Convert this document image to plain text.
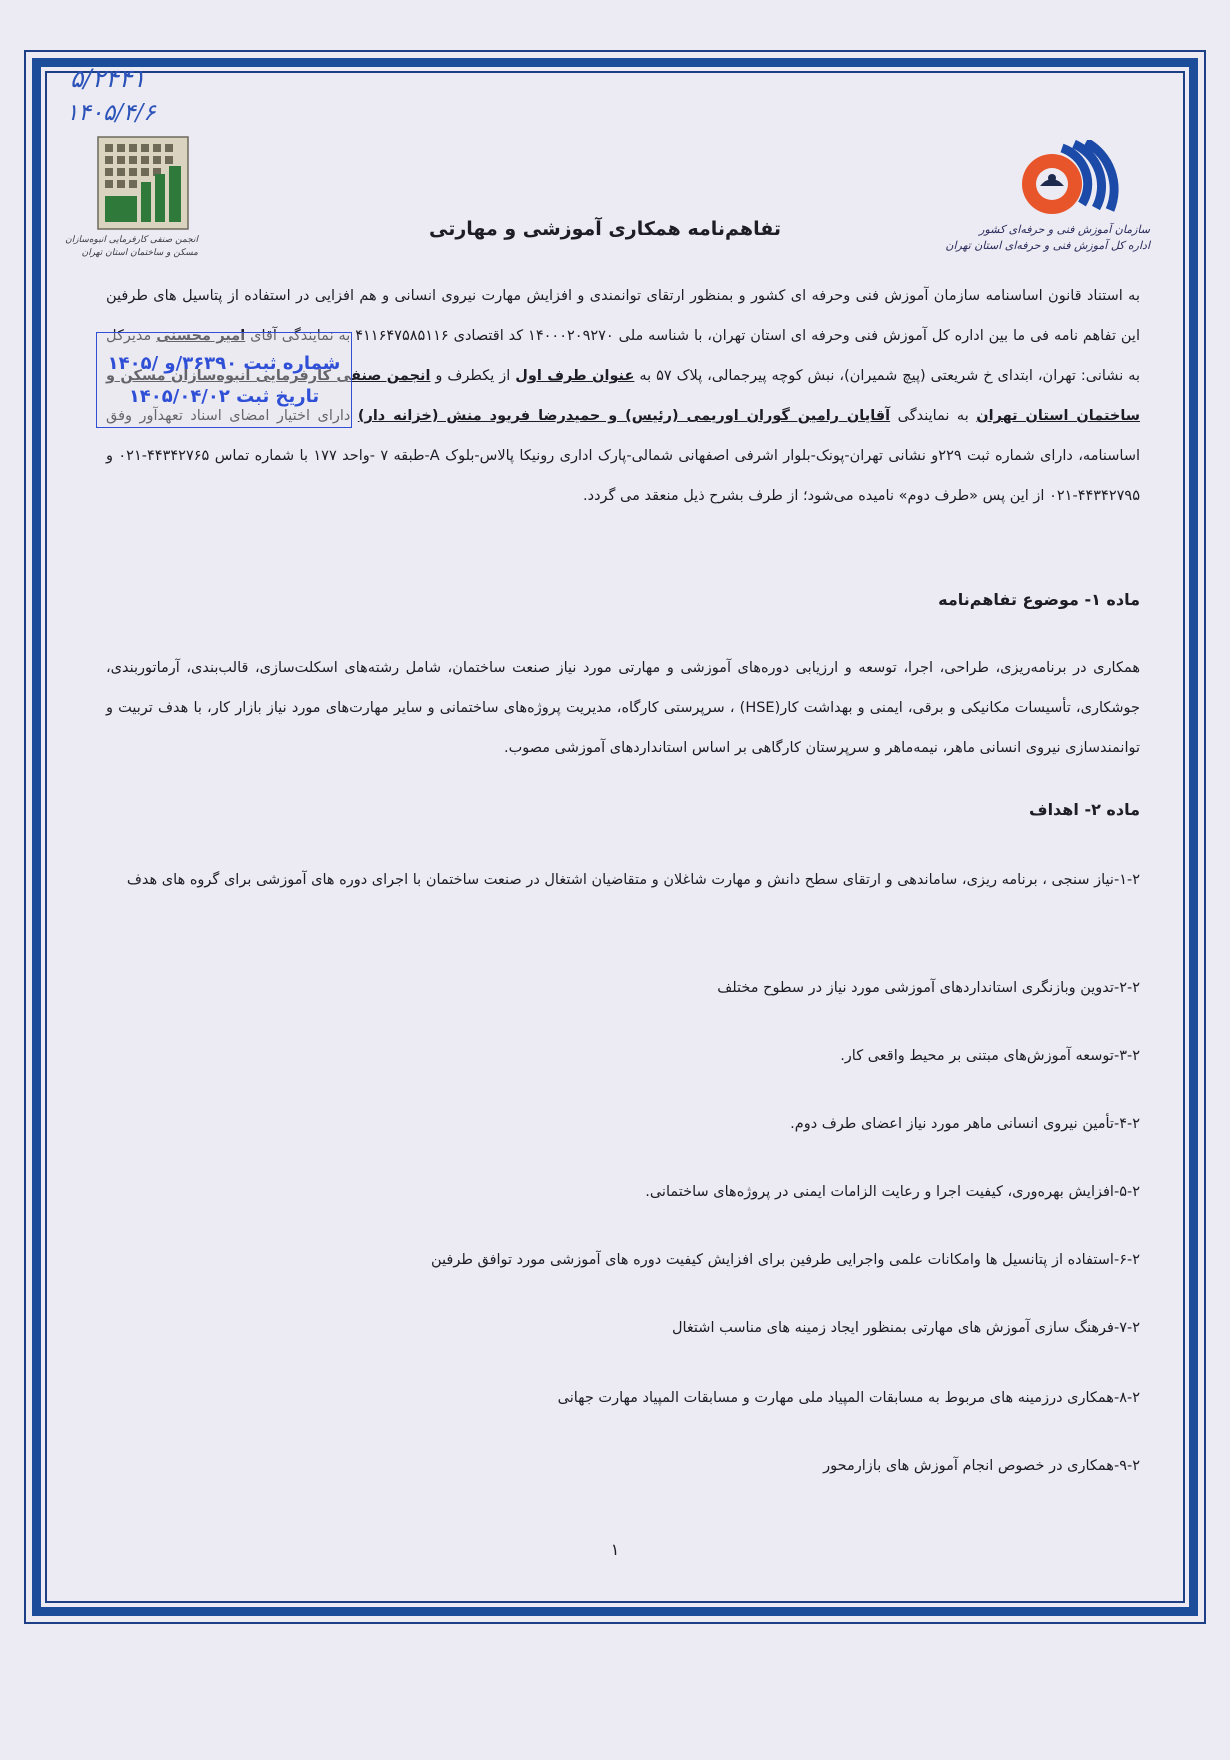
۵/۲۴۴۱
۱۴۰۵/۴/۶
سازمان آموزش فنی و حرفه‌ای کشور
اداره کل آموزش فنی و حرفه‌ای استان تهران
انجمن صنفی کارفرمایی انبوه‌سازان
مسکن و ساختمان استان تهران
تفاهم‌نامه همکاری آموزشی و مهارتی
به استناد قانون اساسنامه سازمان آموزش فنی وحرفه ای کشور و بمنظور ارتقای توانمندی و افزایش مهارت نیروی انسانی و هم افزایی در استفاده از پتاسیل های طرفین این تفاهم نامه فی ما بین اداره کل آموزش فنی وحرفه ای استان تهران، با شناسه ملی ۱۴۰۰۰۲۰۹۲۷۰ کد اقتصادی ۴۱۱۶۴۷۵۸۵۱۱۶ به نمایندگی آقای امیر محسنی مدیرکل به نشانی: تهران، ابتدای خ شریعتی (پیچ شمیران)، نبش کوچه پیرجمالی، پلاک ۵۷ به عنوان طرف اول از یکطرف و انجمن صنفی کارفرمایی انبوه‌سازان مسکن و ساختمان استان تهران به نمایندگی آقایان رامین گوران اوریمی (رئیس) و حمیدرضا فریود منش (خزانه دار) دارای اختیار امضای اسناد تعهدآور وفق اساسنامه، دارای شماره ثبت ۲۲۹و نشانی تهران-پونک-بلوار اشرفی اصفهانی شمالی-پارک اداری رونیکا پالاس-بلوک A-طبقه ۷ -واحد ۱۷۷ با شماره تماس ۴۴۳۴۲۷۶۵-۰۲۱ و ۴۴۳۴۲۷۹۵-۰۲۱ از این پس «طرف دوم» نامیده می‌شود؛ از طرف بشرح ذیل منعقد می گردد.
شماره ثبت ۳۶۳۹۰/و /۱۴۰۵
تاریخ ثبت ۱۴۰۵/۰۴/۰۲
ماده ۱- موضوع تفاهم‌نامه
همکاری در برنامه‌ریزی، طراحی، اجرا، توسعه و ارزیابی دوره‌های آموزشی و مهارتی مورد نیاز صنعت ساختمان، شامل رشته‌های اسکلت‌سازی، قالب‌بندی، آرماتوربندی، جوشکاری، تأسیسات مکانیکی و برقی، ایمنی و بهداشت کار(HSE) ، سرپرستی کارگاه، مدیریت پروژه‌های ساختمانی و سایر مهارت‌های مورد نیاز بازار کار، با هدف تربیت و توانمندسازی نیروی انسانی ماهر، نیمه‌ماهر و سرپرستان کارگاهی بر اساس استانداردهای آموزشی مصوب.
ماده ۲- اهداف
۱-۲-نیاز سنجی ، برنامه ریزی، ساماندهی و ارتقای سطح دانش و مهارت شاغلان و متقاضیان اشتغال در صنعت ساختمان با اجرای دوره های آموزشی برای گروه های هدف
۲-۲-تدوین وبازنگری استانداردهای آموزشی مورد نیاز در سطوح مختلف
۳-۲-توسعه آموزش‌های مبتنی بر محیط واقعی کار.
۴-۲-تأمین نیروی انسانی ماهر مورد نیاز اعضای طرف دوم.
۵-۲-افزایش بهره‌وری، کیفیت اجرا و رعایت الزامات ایمنی در پروژه‌های ساختمانی.
۶-۲-استفاده از پتانسیل ها وامکانات علمی واجرایی طرفین برای افزایش کیفیت دوره های آموزشی مورد توافق طرفین
۷-۲-فرهنگ سازی آموزش های مهارتی بمنظور ایجاد زمینه های مناسب اشتغال
۸-۲-همکاری درزمینه های مربوط به مسابقات المپیاد ملی مهارت و مسابقات المپیاد مهارت جهانی
۹-۲-همکاری در خصوص انجام آموزش های بازارمحور
۱
